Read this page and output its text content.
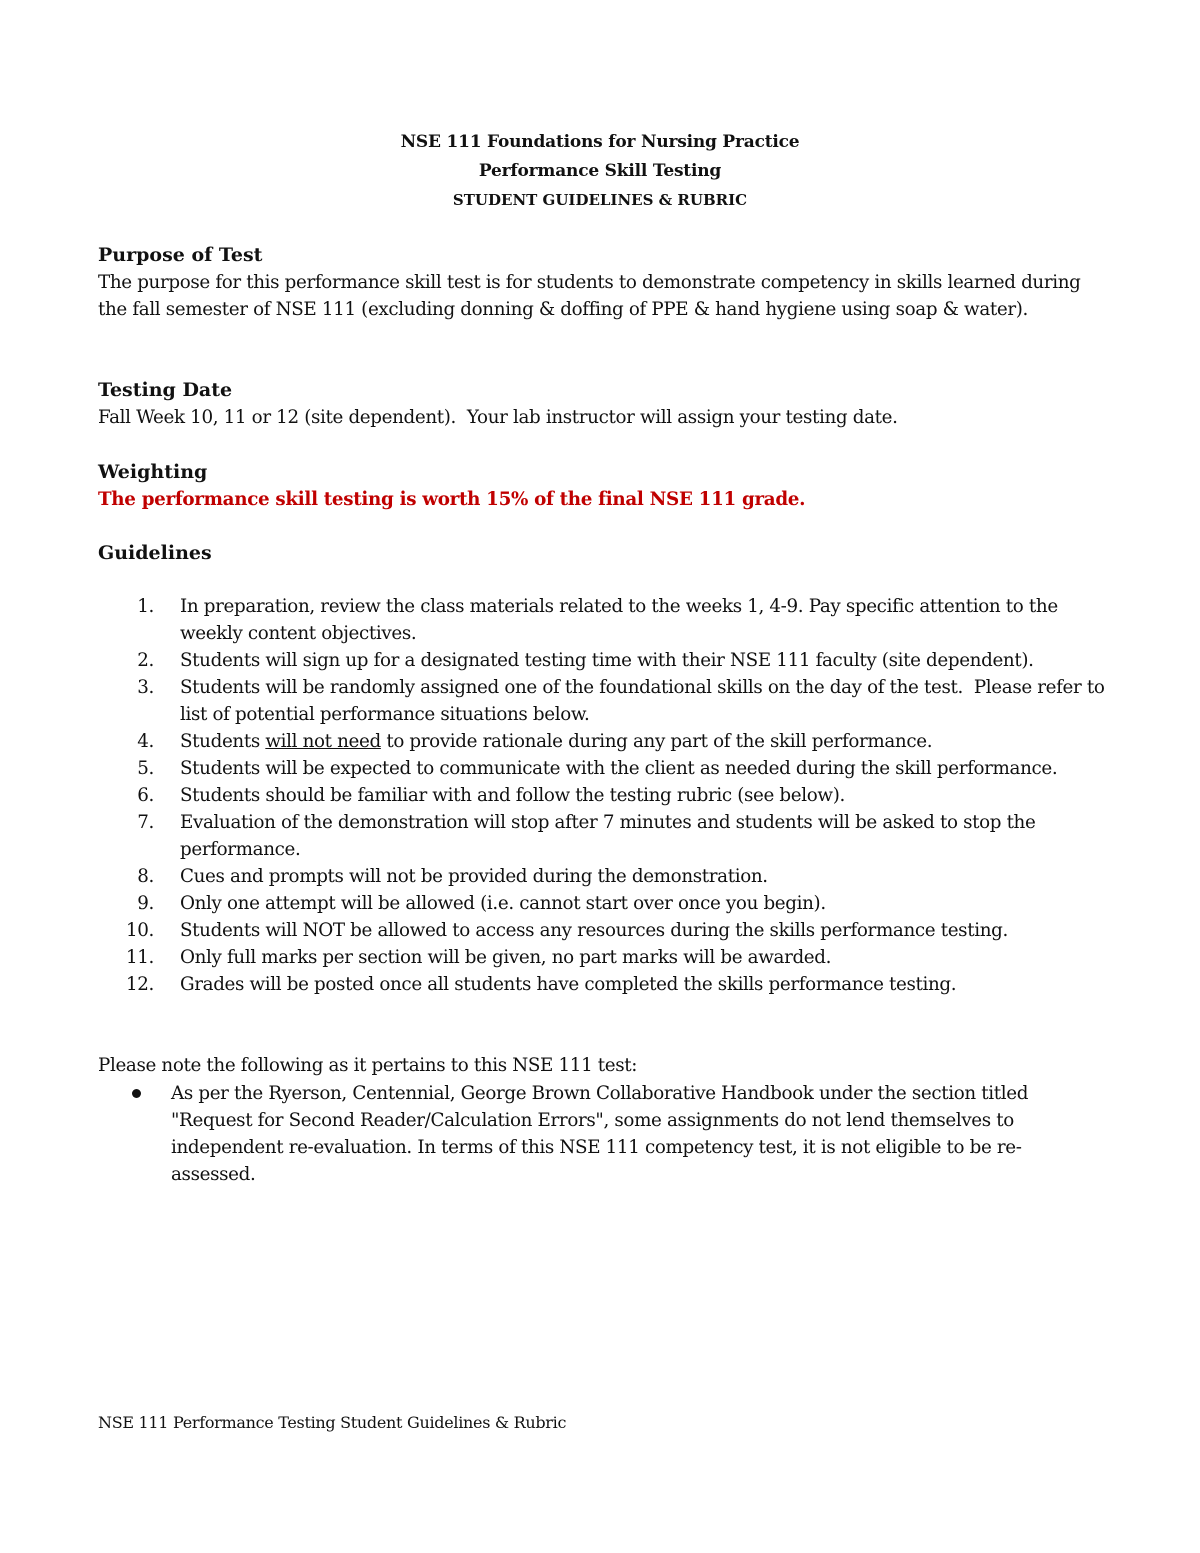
NSE 111 Foundations for Nursing Practice
Performance Skill Testing
STUDENT GUIDELINES & RUBRIC
Purpose of Test
The purpose for this performance skill test is for students to demonstrate competency in skills learned during the fall semester of NSE 111 (excluding donning & doffing of PPE & hand hygiene using soap & water).
Testing Date
Fall Week 10, 11 or 12 (site dependent).  Your lab instructor will assign your testing date.
Weighting
The performance skill testing is worth 15% of the final NSE 111 grade.
Guidelines
1. In preparation, review the class materials related to the weeks 1, 4-9. Pay specific attention to the weekly content objectives.
2. Students will sign up for a designated testing time with their NSE 111 faculty (site dependent).
3. Students will be randomly assigned one of the foundational skills on the day of the test.  Please refer to list of potential performance situations below.
4. Students will not need to provide rationale during any part of the skill performance.
5. Students will be expected to communicate with the client as needed during the skill performance.
6. Students should be familiar with and follow the testing rubric (see below).
7. Evaluation of the demonstration will stop after 7 minutes and students will be asked to stop the performance.
8. Cues and prompts will not be provided during the demonstration.
9. Only one attempt will be allowed (i.e. cannot start over once you begin).
10. Students will NOT be allowed to access any resources during the skills performance testing.
11. Only full marks per section will be given, no part marks will be awarded.
12. Grades will be posted once all students have completed the skills performance testing.
Please note the following as it pertains to this NSE 111 test:
As per the Ryerson, Centennial, George Brown Collaborative Handbook under the section titled "Request for Second Reader/Calculation Errors", some assignments do not lend themselves to independent re-evaluation. In terms of this NSE 111 competency test, it is not eligible to be re-assessed.
NSE 111 Performance Testing Student Guidelines & Rubric
